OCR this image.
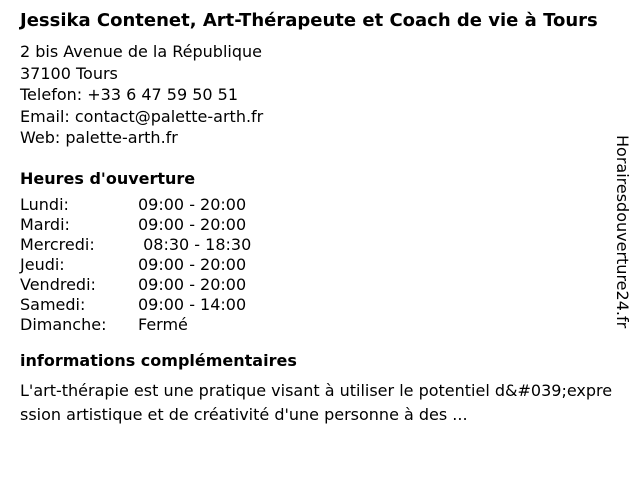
Jessika Contenet, Art-Thérapeute et Coach de vie à Tours
2 bis Avenue de la République
37100 Tours
Telefon: +33 6 47 59 50 51
Email: contact@palette-arth.fr
Web: palette-arth.fr
Heures d'ouverture
Lundi:	09:00 - 20:00
Mardi:	09:00 - 20:00
Mercredi:	08:30 - 18:30
Jeudi:	09:00 - 20:00
Vendredi:	09:00 - 20:00
Samedi:	09:00 - 14:00
Dimanche:	Fermé
informations complémentaires
L'art-thérapie est une pratique visant à utiliser le potentiel d&#039;expression artistique et de créativité d'une personne à des ...
Horairesdouverture24.fr
